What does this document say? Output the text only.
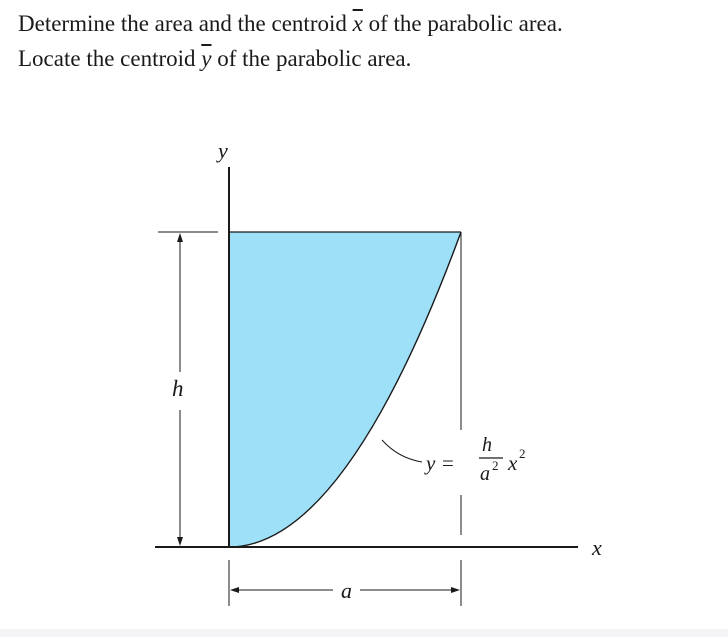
Determine the area and the centroid $\overline{x}$ of the parabolic area.
Locate the centroid $\overline{y}$ of the parabolic area.
y
x
h
a
y =
h
a 2 x 2
